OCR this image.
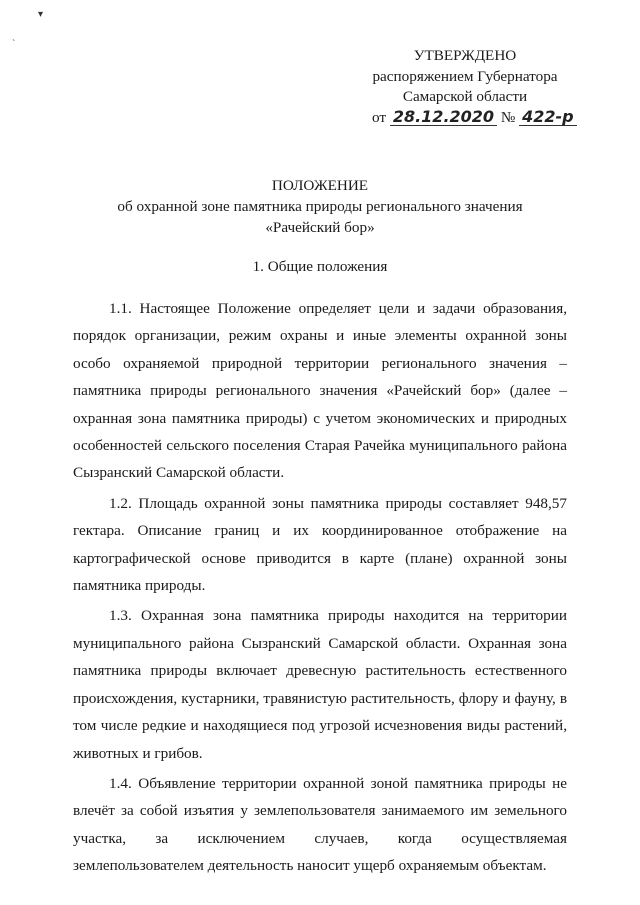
▾
`
УТВЕРЖДЕНО
распоряжением Губернатора
Самарской области
от 28.12.2020 № 422-р
ПОЛОЖЕНИЕ
об охранной зоне памятника природы регионального значения
«Рачейский бор»
1. Общие положения

1.1. Настоящее Положение определяет цели и задачи образования, порядок организации, режим охраны и иные элементы охранной зоны особо охраняемой природной территории регионального значения – памятника природы регионального значения «Рачейский бор» (далее – охранная зона памятника природы) с учетом экономических и природных особенностей сельского поселения Старая Рачейка муниципального района Сызранский Самарской области.

1.2. Площадь охранной зоны памятника природы составляет 948,57 гектара. Описание границ и их координированное отображение на картографической основе приводится в карте (плане) охранной зоны памятника природы.

1.3. Охранная зона памятника природы находится на территории муниципального района Сызранский Самарской области. Охранная зона памятника природы включает древесную растительность естественного происхождения, кустарники, травянистую растительность, флору и фауну, в том числе редкие и находящиеся под угрозой исчезновения виды растений, животных и грибов.

1.4. Объявление территории охранной зоной памятника природы не влечёт за собой изъятия у землепользователя занимаемого им земельного участка, за исключением случаев, когда осуществляемая землепользователем деятельность наносит ущерб охраняемым объектам.
